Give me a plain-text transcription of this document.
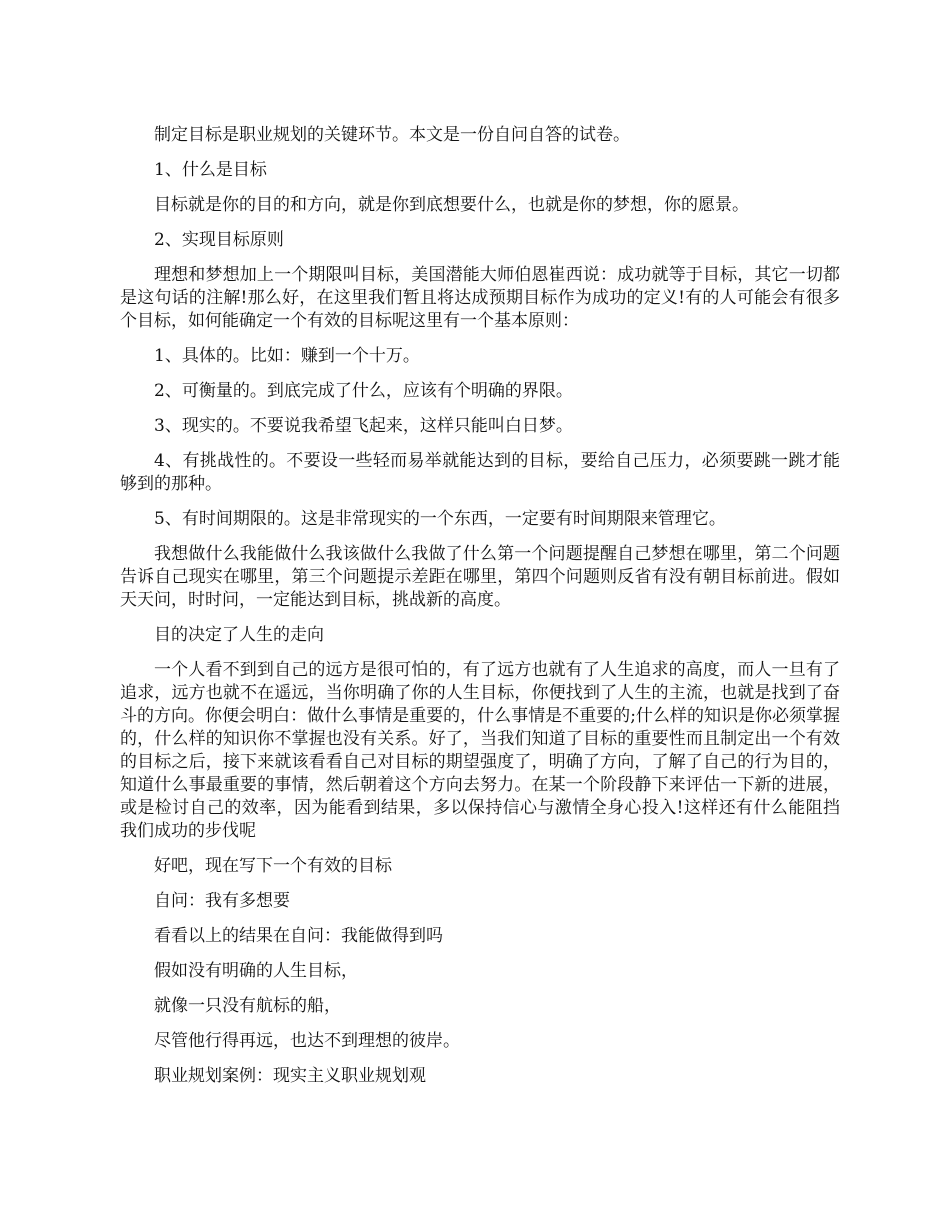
制定目标是职业规划的关键环节。本文是一份自问自答的试卷。

1、什么是目标

目标就是你的目的和方向，就是你到底想要什么，也就是你的梦想，你的愿景。

2、实现目标原则

理想和梦想加上一个期限叫目标，美国潜能大师伯恩崔西说：成功就等于目标，其它一切都是这句话的注解!那么好，在这里我们暂且将达成预期目标作为成功的定义!有的人可能会有很多个目标，如何能确定一个有效的目标呢这里有一个基本原则：

1、具体的。比如：赚到一个十万。

2、可衡量的。到底完成了什么，应该有个明确的界限。

3、现实的。不要说我希望飞起来，这样只能叫白日梦。

4、有挑战性的。不要设一些轻而易举就能达到的目标，要给自己压力，必须要跳一跳才能够到的那种。

5、有时间期限的。这是非常现实的一个东西，一定要有时间期限来管理它。

我想做什么我能做什么我该做什么我做了什么第一个问题提醒自己梦想在哪里，第二个问题告诉自己现实在哪里，第三个问题提示差距在哪里，第四个问题则反省有没有朝目标前进。假如天天问，时时问，一定能达到目标，挑战新的高度。

目的决定了人生的走向

一个人看不到到自己的远方是很可怕的，有了远方也就有了人生追求的高度，而人一旦有了追求，远方也就不在遥远，当你明确了你的人生目标，你便找到了人生的主流，也就是找到了奋斗的方向。你便会明白：做什么事情是重要的，什么事情是不重要的;什么样的知识是你必须掌握的，什么样的知识你不掌握也没有关系。好了，当我们知道了目标的重要性而且制定出一个有效的目标之后，接下来就该看看自己对目标的期望强度了，明确了方向，了解了自己的行为目的，知道什么事最重要的事情，然后朝着这个方向去努力。在某一个阶段静下来评估一下新的进展，或是检讨自己的效率，因为能看到结果，多以保持信心与激情全身心投入!这样还有什么能阻挡我们成功的步伐呢

好吧，现在写下一个有效的目标

自问：我有多想要

看看以上的结果在自问：我能做得到吗

假如没有明确的人生目标，

就像一只没有航标的船，

尽管他行得再远，也达不到理想的彼岸。

职业规划案例：现实主义职业规划观
